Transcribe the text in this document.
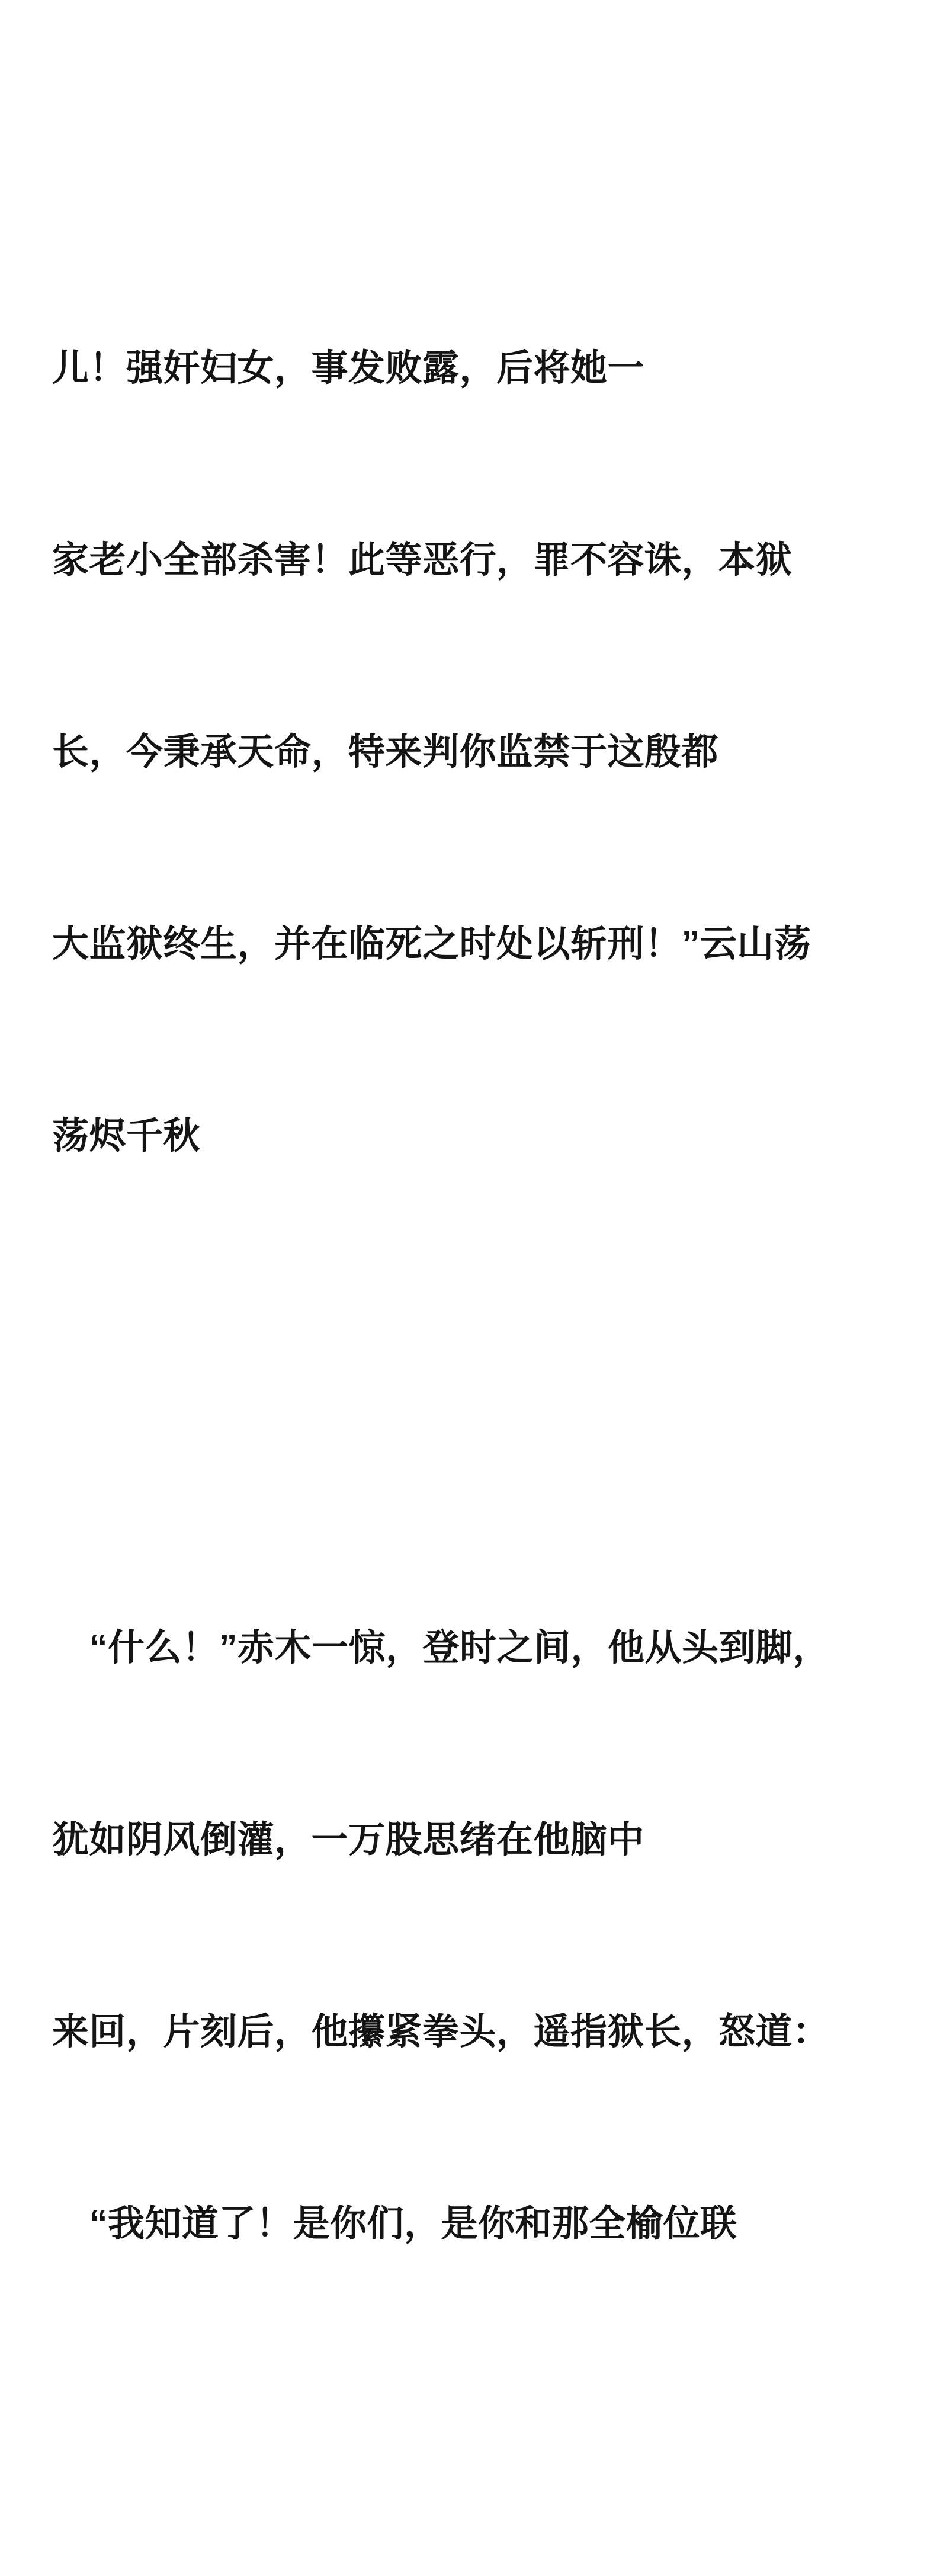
儿！强奸妇女，事发败露，后将她一

家老小全部杀害！此等恶行，罪不容诛，本狱

长，今秉承天命，特来判你监禁于这殷都

大监狱终生，并在临死之时处以斩刑！”云山荡

荡烬千秋

　“什么！”赤木一惊，登时之间，他从头到脚，

犹如阴风倒灌，一万股思绪在他脑中

来回，片刻后，他攥紧拳头，遥指狱长，怒道：

　“我知道了！是你们，是你和那全榆位联
